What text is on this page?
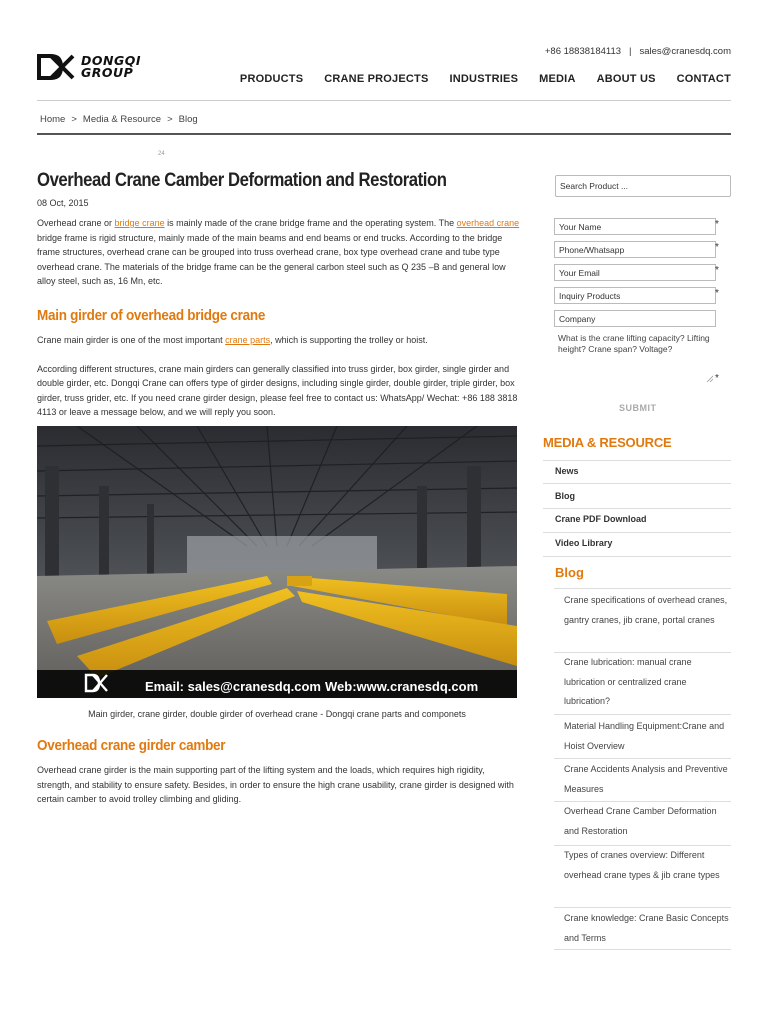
+86 18838184113 | sales@cranesdq.com
DONGQI
GROUP	PRODUCTS CRANE PROJECTS INDUSTRIES MEDIA ABOUT US CONTACT
Home > Media & Resource > Blog
24
Overhead Crane Camber Deformation and Restoration
08 Oct, 2015

Overhead crane or bridge crane is mainly made of the crane bridge frame and the operating system. The overhead crane bridge frame is rigid structure, mainly made of the main beams and end beams or end trucks. According to the bridge frame structures, overhead crane can be grouped into truss overhead crane, box type overhead crane and tube type overhead crane. The materials of the bridge frame can be the general carbon steel such as Q 235 –B and general low alloy steel, such as, 16 Mn, etc.

Main girder of overhead bridge crane

Crane main girder is one of the most important crane parts, which is supporting the trolley or hoist.

According different structures, crane main girders can generally classified into truss girder, box girder, single girder and double girder, etc. Dongqi Crane can offers type of girder designs, including single girder, double girder, triple girder, box girder, truss grider, etc. If you need crane girder design, please feel free to contact us: WhatsApp/ Wechat: +86 188 3818 4113 or leave a message below, and we will reply you soon.

Email: sales@cranesdq.com Web:www.cranesdq.com
Main girder, crane girder, double girder of overhead crane - Dongqi crane parts and componets
Overhead crane girder camber

Overhead crane girder is the main supporting part of the lifting system and the loads, which requires high rigidity, strength, and stability to ensure safety. Besides, in order to ensure the high crane usability, crane girder is designed with certain camber to avoid trolley climbing and gliding.

Search Product ...
Your Name	*
Phone/Whatsapp	*
Your Email	*
Inquiry Products	*
Company
What is the crane lifting capacity? Lifting height? Crane span? Voltage?
*
SUBMIT
MEDIA & RESOURCE
News
Blog
Crane PDF Download
Video Library
Blog
Crane specifications of overhead cranes, gantry cranes, jib crane, portal cranes
Crane lubrication: manual crane lubrication or centralized crane lubrication?
Material Handling Equipment:Crane and Hoist Overview
Crane Accidents Analysis and Preventive Measures
Overhead Crane Camber Deformation and Restoration
Types of cranes overview: Different overhead crane types & jib crane types
Crane knowledge: Crane Basic Concepts and Terms
